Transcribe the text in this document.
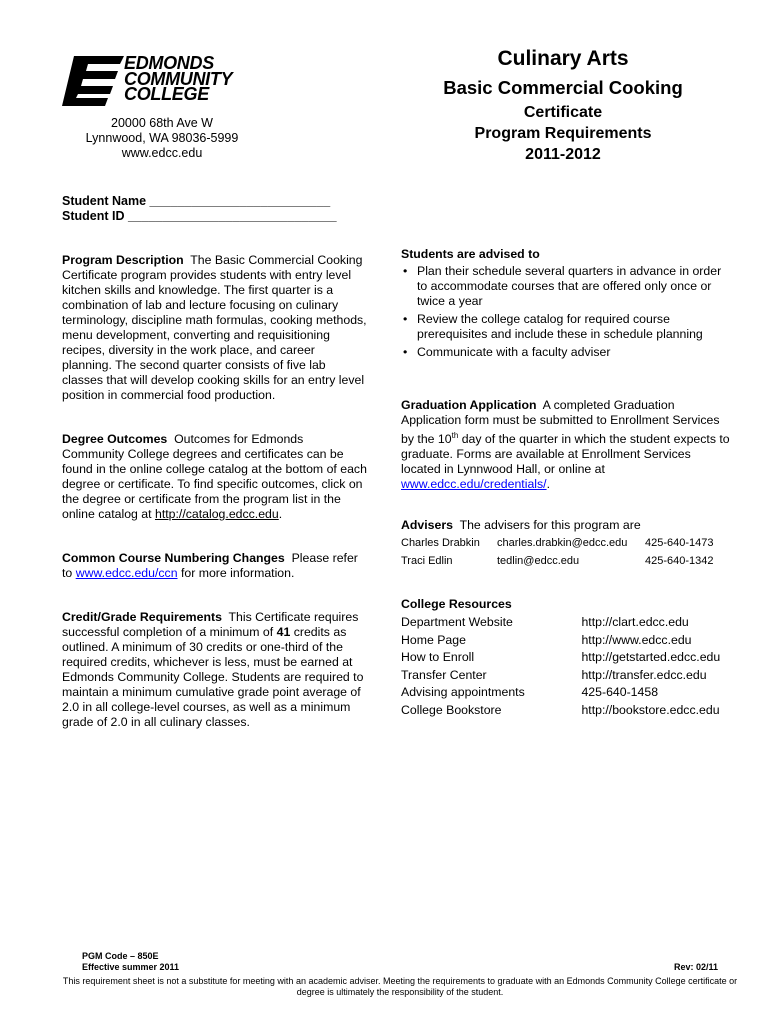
EDMONDS
COMMUNITY
COLLEGE
20000 68th Ave W
Lynnwood, WA 98036-5999
www.edcc.edu
Culinary Arts
Basic Commercial Cooking
Certificate
Program Requirements
2011-2012
Student Name __________________________
Student ID ______________________________
Program Description The Basic Commercial Cooking Certificate program provides students with entry level kitchen skills and knowledge. The first quarter is a combination of lab and lecture focusing on culinary terminology, discipline math formulas, cooking methods, menu development, converting and requisitioning recipes, diversity in the work place, and career planning. The second quarter consists of five lab classes that will develop cooking skills for an entry level position in commercial food production.
Degree Outcomes Outcomes for Edmonds Community College degrees and certificates can be found in the online college catalog at the bottom of each degree or certificate. To find specific outcomes, click on the degree or certificate from the program list in the online catalog at http://catalog.edcc.edu.
Common Course Numbering Changes Please refer to www.edcc.edu/ccn for more information.
Credit/Grade Requirements This Certificate requires successful completion of a minimum of 41 credits as outlined. A minimum of 30 credits or one-third of the required credits, whichever is less, must be earned at Edmonds Community College. Students are required to maintain a minimum cumulative grade point average of 2.0 in all college-level courses, as well as a minimum grade of 2.0 in all culinary classes.
Students are advised to
• Plan their schedule several quarters in advance in order to accommodate courses that are offered only once or twice a year
• Review the college catalog for required course prerequisites and include these in schedule planning
• Communicate with a faculty adviser
Graduation Application A completed Graduation Application form must be submitted to Enrollment Services by the 10th day of the quarter in which the student expects to graduate. Forms are available at Enrollment Services located in Lynnwood Hall, or online at www.edcc.edu/credentials/.
Advisers The advisers for this program are
Charles Drabkin	charles.drabkin@edcc.edu	425-640-1473
Traci Edlin	tedlin@edcc.edu	425-640-1342
College Resources
Department Website	http://clart.edcc.edu
Home Page	http://www.edcc.edu
How to Enroll	http://getstarted.edcc.edu
Transfer Center	http://transfer.edcc.edu
Advising appointments	425-640-1458
College Bookstore	http://bookstore.edcc.edu
PGM Code – 850E
Effective summer 2011	Rev: 02/11
This requirement sheet is not a substitute for meeting with an academic adviser. Meeting the requirements to graduate with an Edmonds Community College certificate or degree is ultimately the responsibility of the student.
